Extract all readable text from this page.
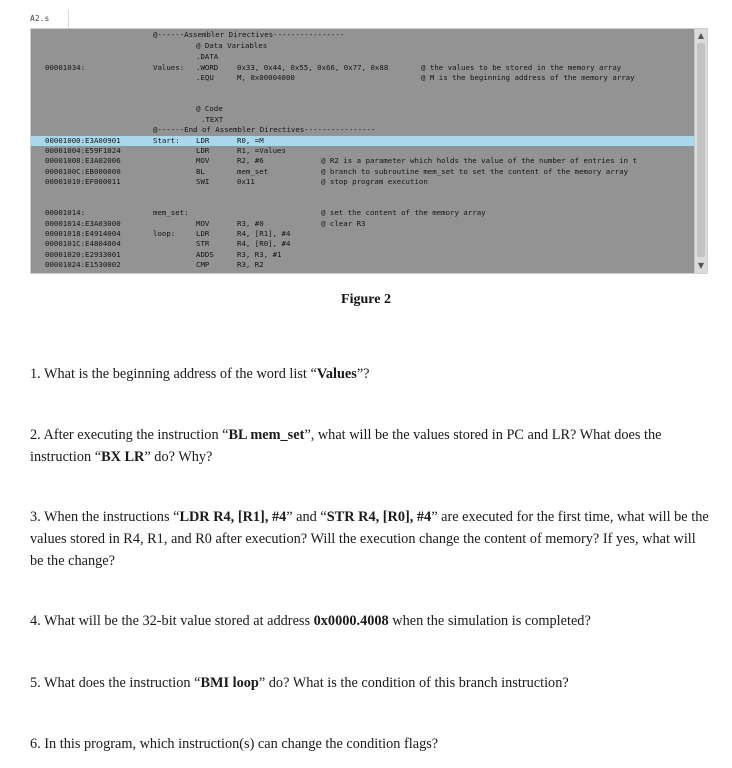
A2.s
@------Assembler Directives----------------
@ Data Variables
.DATA
00001034:	Values: .WORD	0x33, 0x44, 0x55, 0x66, 0x77, 0x88	@ the values to be stored in the memory array
.EQU	M, 0x00004000	@ M is the beginning address of the memory array
@ Code
.TEXT
@------End of Assembler Directives----------------
00001000:E3A00901	Start: LDR	R0, =M
00001004:E59F1024	LDR	R1, =Values
00001008:E3A02006	MOV	R2, #6	@ R2 is a parameter which holds the value of the number of entries in t
0000100C:EB000000	BL	mem_set	@ branch to subroutine mem_set to set the content of the memory array
00001010:EF000011	SWI	0x11	@ stop program execution
00001014:	mem_set:	@ set the content of the memory array
00001014:E3A03000	MOV	R3, #0	@ clear R3
00001018:E4914004	loop:	LDR	R4, [R1], #4
0000101C:E4804004	STR	R4, [R0], #4
00001020:E2933001	ADDS	R3, R3, #1
00001024:E1530002	CMP	R3, R2
▲
▼
Figure 2
1. What is the beginning address of the word list “Values”?
2. After executing the instruction “BL mem_set”, what will be the values stored in PC and LR? What does the instruction “BX LR” do? Why?
3. When the instructions “LDR R4, [R1], #4” and “STR R4, [R0], #4” are executed for the first time, what will be the values stored in R4, R1, and R0 after execution? Will the execution change the content of memory? If yes, what will be the change?
4. What will be the 32-bit value stored at address 0x0000.4008 when the simulation is completed?
5. What does the instruction “BMI loop” do? What is the condition of this branch instruction?
6. In this program, which instruction(s) can change the condition flags?
